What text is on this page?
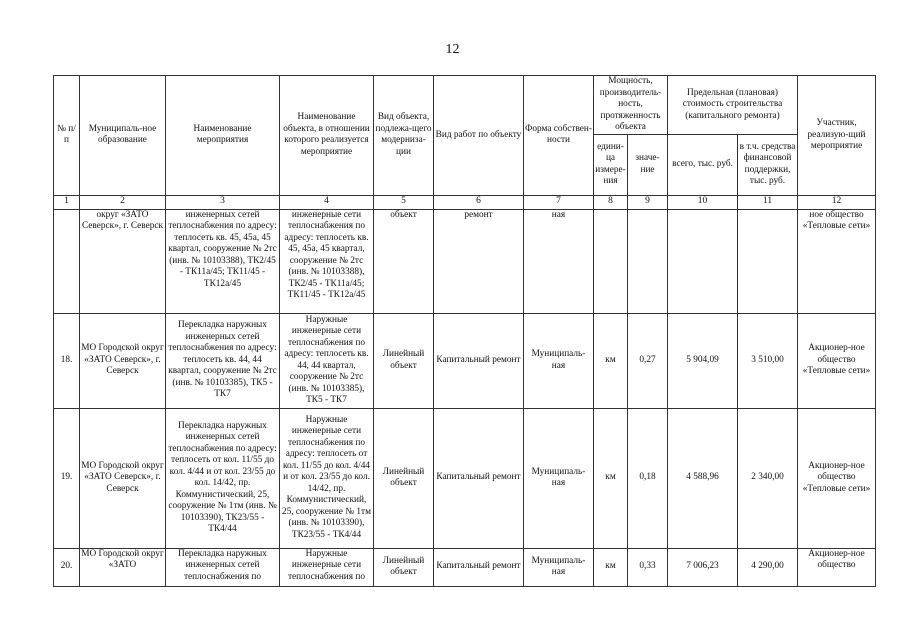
12
№ п/п	Муниципаль-ное образование	Наименование мероприятия	Наименование объекта, в отношении которого реализуется мероприятие	Вид объекта, подлежа-щего модерниза-ции	Вид работ по объекту	Форма собствен-ности	Мощность, производитель-ность, протяженность объекта		Предельная (плановая) стоимость строительства (капитального ремонта)		Участник, реализую-щий мероприятие
							едини-ца измере-ния	значе-ние	всего, тыс. руб.	в т.ч. средства финансовой поддержки, тыс. руб.	
1	2	3	4	5	6	7	8	9	10	11	12
	округ «ЗАТО Северск», г. Северск	инженерных сетей теплоснабжения по адресу: теплосеть кв. 45, 45а, 45 квартал, сооружение № 2тс (инв. № 10103388), ТК2/45 - ТК11а/45; ТК11/45 - ТК12а/45	инженерные сети теплоснабжения по адресу: теплосеть кв. 45, 45а, 45 квартал, сооружение № 2тс (инв. № 10103388), ТК2/45 - ТК11а/45; ТК11/45 - ТК12а/45	объект	ремонт	ная					ное общество «Тепловые сети»
18.	МО Городской округ «ЗАТО Северск», г. Северск	Перекладка наружных инженерных сетей теплоснабжения по адресу: теплосеть кв. 44, 44 квартал, сооружение № 2тс (инв. № 10103385), ТК5 - ТК7	Наружные инженерные сети теплоснабжения по адресу: теплосеть кв. 44, 44 квартал, сооружение № 2тс (инв. № 10103385), ТК5 - ТК7	Линейный объект	Капитальный ремонт	Муниципаль-ная	км	0,27	5 904,09	3 510,00	Акционер-ное общество «Тепловые сети»
19.	МО Городской округ «ЗАТО Северск», г. Северск	Перекладка наружных инженерных сетей теплоснабжения по адресу: теплосеть от кол. 11/55 до кол. 4/44 и от кол. 23/55 до кол. 14/42, пр. Коммунистический, 25, сооружение № 1тм (инв. № 10103390), ТК23/55 - ТК4/44	Наружные инженерные сети теплоснабжения по адресу: теплосеть от кол. 11/55 до кол. 4/44 и от кол. 23/55 до кол. 14/42, пр. Коммунистический, 25, сооружение № 1тм (инв. № 10103390), ТК23/55 - ТК4/44	Линейный объект	Капитальный ремонт	Муниципаль-ная	км	0,18	4 588,96	2 340,00	Акционер-ное общество «Тепловые сети»
20.	МО Городской округ «ЗАТО	Перекладка наружных инженерных сетей теплоснабжения по	Наружные инженерные сети теплоснабжения по	Линейный объект	Капитальный ремонт	Муниципаль-ная	км	0,33	7 006,23	4 290,00	Акционер-ное общество
